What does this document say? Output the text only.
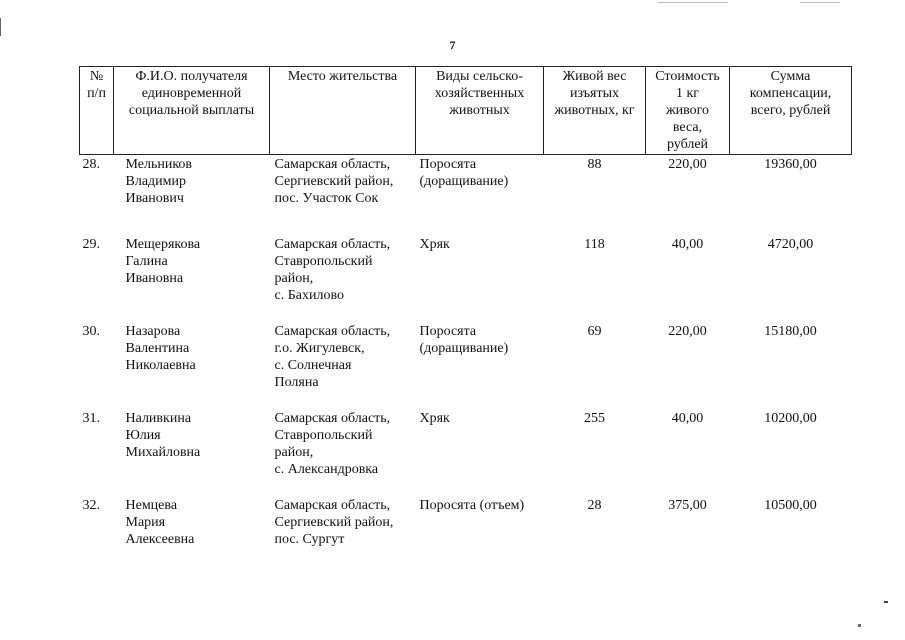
7
№
п/п	Ф.И.О. получателя
единовременной
социальной выплаты	Место жительства	Виды сельско-
хозяйственных
животных	Живой вес
изъятых
животных, кг	Стоимость
1 кг
живого
веса,
рублей	Сумма
компенсации,
всего, рублей

28.	Мельников
Владимир
Иванович	Самарская область,
Сергиевский район,
пос. Участок Сок	Поросята
(доращивание)	88	220,00	19360,00
29.	Мещерякова
Галина
Ивановна	Самарская область,
Ставропольский
район,
с. Бахилово	Хряк	118	40,00	4720,00
30.	Назарова
Валентина
Николаевна	Самарская область,
г.о. Жигулевск,
с. Солнечная
Поляна	Поросята
(доращивание)	69	220,00	15180,00
31.	Наливкина
Юлия
Михайловна	Самарская область,
Ставропольский
район,
с. Александровка	Хряк	255	40,00	10200,00
32.	Немцева
Мария
Алексеевна	Самарская область,
Сергиевский район,
пос. Сургут	Поросята (отъем)	28	375,00	10500,00
